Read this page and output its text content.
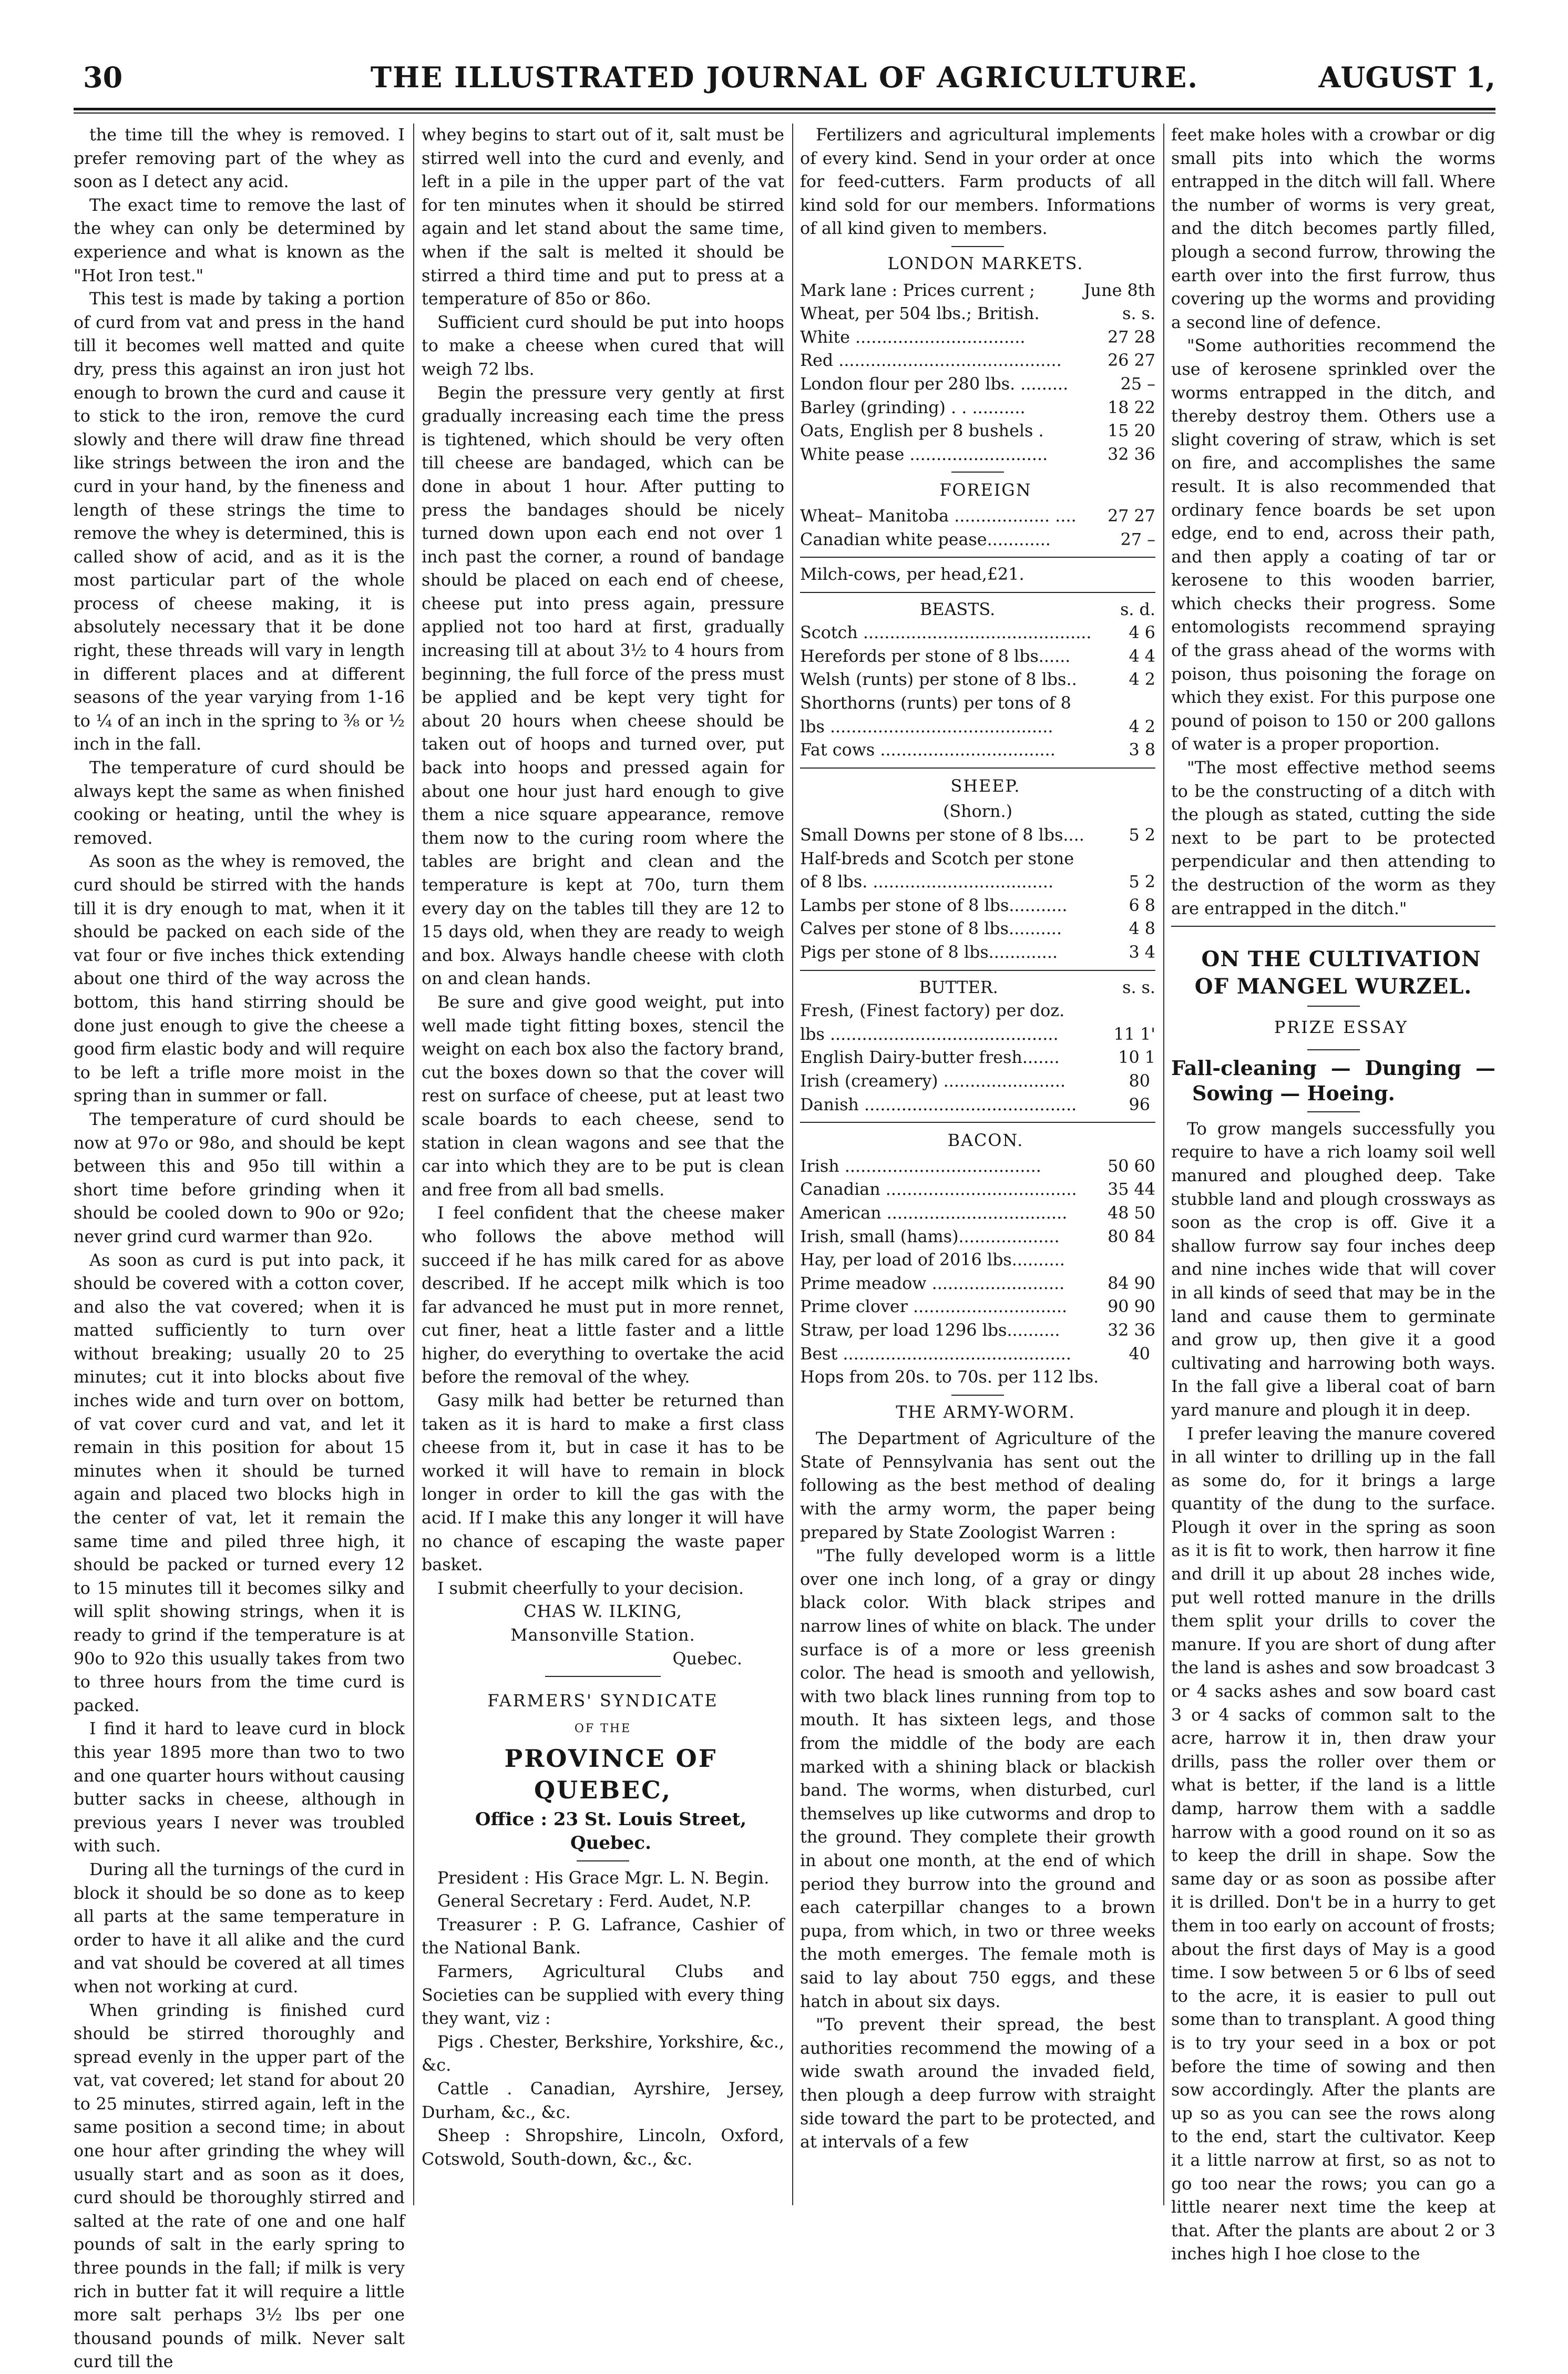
30	THE ILLUSTRATED JOURNAL OF AGRICULTURE.	AUGUST 1,

the time till the whey is removed. I prefer removing part of the whey as soon as I detect any acid.

The exact time to remove the last of the whey can only be determined by experience and what is known as the "Hot Iron test."

This test is made by taking a portion of curd from vat and press in the hand till it becomes well matted and quite dry, press this against an iron just hot enough to brown the curd and cause it to stick to the iron, remove the curd slowly and there will draw fine thread like strings between the iron and the curd in your hand, by the fineness and length of these strings the time to remove the whey is determined, this is called show of acid, and as it is the most particular part of the whole process of cheese making, it is absolutely necessary that it be done right, these threads will vary in length in different places and at different seasons of the year varying from 1-16 to ¼ of an inch in the spring to ⅜ or ½ inch in the fall.

The temperature of curd should be always kept the same as when finished cooking or heating, until the whey is removed.

As soon as the whey is removed, the curd should be stirred with the hands till it is dry enough to mat, when it it should be packed on each side of the vat four or five inches thick extending about one third of the way across the bottom, this hand stirring should be done just enough to give the cheese a good firm elastic body and will require to be left a trifle more moist in the spring than in summer or fall.

The temperature of curd should be now at 97o or 98o, and should be kept between this and 95o till within a short time before grinding when it should be cooled down to 90o or 92o; never grind curd warmer than 92o.

As soon as curd is put into pack, it should be covered with a cotton cover, and also the vat covered; when it is matted sufficiently to turn over without breaking; usually 20 to 25 minutes; cut it into blocks about five inches wide and turn over on bottom, of vat cover curd and vat, and let it remain in this position for about 15 minutes when it should be turned again and placed two blocks high in the center of vat, let it remain the same time and piled three high, it should be packed or turned every 12 to 15 minutes till it becomes silky and will split showing strings, when it is ready to grind if the temperature is at 90o to 92o this usually takes from two to three hours from the time curd is packed.

I find it hard to leave curd in block this year 1895 more than two to two and one quarter hours without causing butter sacks in cheese, although in previous years I never was troubled with such.

During all the turnings of the curd in block it should be so done as to keep all parts at the same temperature in order to have it all alike and the curd and vat should be covered at all times when not working at curd.

When grinding is finished curd should be stirred thoroughly and spread evenly in the upper part of the vat, vat covered; let stand for about 20 to 25 minutes, stirred again, left in the same position a second time; in about one hour after grinding the whey will usually start and as soon as it does, curd should be thoroughly stirred and salted at the rate of one and one half pounds of salt in the early spring to three pounds in the fall; if milk is very rich in butter fat it will require a little more salt perhaps 3½ lbs per one thousand pounds of milk. Never salt curd till the

whey begins to start out of it, salt must be stirred well into the curd and evenly, and left in a pile in the upper part of the vat for ten minutes when it should be stirred again and let stand about the same time, when if the salt is melted it should be stirred a third time and put to press at a temperature of 85o or 86o.

Sufficient curd should be put into hoops to make a cheese when cured that will weigh 72 lbs.

Begin the pressure very gently at first gradually increasing each time the press is tightened, which should be very often till cheese are bandaged, which can be done in about 1 hour. After putting to press the bandages should be nicely turned down upon each end not over 1 inch past the corner, a round of bandage should be placed on each end of cheese, cheese put into press again, pressure applied not too hard at first, gradually increasing till at about 3½ to 4 hours from beginning, the full force of the press must be applied and be kept very tight for about 20 hours when cheese should be taken out of hoops and turned over, put back into hoops and pressed again for about one hour just hard enough to give them a nice square appearance, remove them now to the curing room where the tables are bright and clean and the temperature is kept at 70o, turn them every day on the tables till they are 12 to 15 days old, when they are ready to weigh and box. Always handle cheese with cloth on and clean hands.

Be sure and give good weight, put into well made tight fitting boxes, stencil the weight on each box also the factory brand, cut the boxes down so that the cover will rest on surface of cheese, put at least two scale boards to each cheese, send to station in clean wagons and see that the car into which they are to be put is clean and free from all bad smells.

I feel confident that the cheese maker who follows the above method will succeed if he has milk cared for as above described. If he accept milk which is too far advanced he must put in more rennet, cut finer, heat a little faster and a little higher, do everything to overtake the acid before the removal of the whey.

Gasy milk had better be returned than taken as it is hard to make a first class cheese from it, but in case it has to be worked it will have to remain in block longer in order to kill the gas with the acid. If I make this any longer it will have no chance of escaping the waste paper basket.

I submit cheerfully to your decision.

CHAS W. ILKING,

Mansonville Station.

Quebec.

FARMERS' SYNDICATE

OF THE

PROVINCE OF QUEBEC,

Office : 23 St. Louis Street,

Quebec.

President : His Grace Mgr. L. N. Begin.

General Secretary : Ferd. Audet, N.P.

Treasurer : P. G. Lafrance, Cashier of the National Bank.

Farmers, Agricultural Clubs and Societies can be supplied with every thing they want, viz :

Pigs . Chester, Berkshire, Yorkshire, &c., &c.

Cattle . Canadian, Ayrshire, Jersey, Durham, &c., &c.

Sheep : Shropshire, Lincoln, Oxford, Cotswold, South-down, &c., &c.

Fertilizers and agricultural implements of every kind. Send in your order at once for feed-cutters. Farm products of all kind sold for our members. Informations of all kind given to members.

LONDON MARKETS.

Mark lane : Prices current ;	June 8th
Wheat, per 504 lbs.; British.	s. s.
White ................................	27 28
Red ..........................................	26 27
London flour per 280 lbs. .........	25 –
Barley (grinding) . . ..........	18 22
Oats, English per 8 bushels .	15 20
White pease ..........................	32 36

FOREIGN

Wheat– Manitoba .................. ....	27 27
Canadian white pease............	27 –
Milch-cows, per head,£21.
BEASTS.	s. d.
Scotch ...........................................	4 6
Herefords per stone of 8 lbs......	4 4
Welsh (runts) per stone of 8 lbs..	4 2
Shorthorns (runts) per tons of 8
lbs ..........................................	4 2
Fat cows .................................	3 8

SHEEP.

(Shorn.)

Small Downs per stone of 8 lbs....	5 2
Half-breds and Scotch per stone
of 8 lbs. ..................................	5 2
Lambs per stone of 8 lbs...........	6 8
Calves per stone of 8 lbs..........	4 8
Pigs per stone of 8 lbs.............	3 4
BUTTER.	s. s.
Fresh, (Finest factory) per doz.
lbs ...........................................	11 1'
English Dairy-butter fresh.......	10 1
Irish (creamery) .......................	80
Danish ........................................	96

BACON.

Irish .....................................	50 60
Canadian ....................................	35 44
American ..................................	48 50
Irish, small (hams)...................	80 84
Hay, per load of 2016 lbs..........
Prime meadow .........................	84 90
Prime clover .............................	90 90
Straw, per load 1296 lbs..........	32 36
Best ...........................................	40
Hops from 20s. to 70s. per 112 lbs.

THE ARMY-WORM.

The Department of Agriculture of the State of Pennsylvania has sent out the following as the best method of dealing with the army worm, the paper being prepared by State Zoologist Warren :

"The fully developed worm is a little over one inch long, of a gray or dingy black color. With black stripes and narrow lines of white on black. The under surface is of a more or less greenish color. The head is smooth and yellowish, with two black lines running from top to mouth. It has sixteen legs, and those from the middle of the body are each marked with a shining black or blackish band. The worms, when disturbed, curl themselves up like cutworms and drop to the ground. They complete their growth in about one month, at the end of which period they burrow into the ground and each caterpillar changes to a brown pupa, from which, in two or three weeks the moth emerges. The female moth is said to lay about 750 eggs, and these hatch in about six days.

"To prevent their spread, the best authorities recommend the mowing of a wide swath around the invaded field, then plough a deep furrow with straight side toward the part to be protected, and at intervals of a few

feet make holes with a crowbar or dig small pits into which the worms entrapped in the ditch will fall. Where the number of worms is very great, and the ditch becomes partly filled, plough a second furrow, throwing the earth over into the first furrow, thus covering up the worms and providing a second line of defence.

"Some authorities recommend the use of kerosene sprinkled over the worms entrapped in the ditch, and thereby destroy them. Others use a slight covering of straw, which is set on fire, and accomplishes the same result. It is also recommended that ordinary fence boards be set upon edge, end to end, across their path, and then apply a coating of tar or kerosene to this wooden barrier, which checks their progress. Some entomologists recommend spraying of the grass ahead of the worms with poison, thus poisoning the forage on which they exist. For this purpose one pound of poison to 150 or 200 gallons of water is a proper proportion.

"The most effective method seems to be the constructing of a ditch with the plough as stated, cutting the side next to be part to be protected perpendicular and then attending to the destruction of the worm as they are entrapped in the ditch."

ON THE CULTIVATION OF MANGEL WURZEL.

PRIZE ESSAY

Fall-cleaning — Dunging — Sowing — Hoeing.

To grow mangels successfully you require to have a rich loamy soil well manured and ploughed deep. Take stubble land and plough crossways as soon as the crop is off. Give it a shallow furrow say four inches deep and nine inches wide that will cover in all kinds of seed that may be in the land and cause them to germinate and grow up, then give it a good cultivating and harrowing both ways. In the fall give a liberal coat of barn yard manure and plough it in deep.

I prefer leaving the manure covered in all winter to drilling up in the fall as some do, for it brings a large quantity of the dung to the surface. Plough it over in the spring as soon as it is fit to work, then harrow it fine and drill it up about 28 inches wide, put well rotted manure in the drills them split your drills to cover the manure. If you are short of dung after the land is ashes and sow broadcast 3 or 4 sacks ashes and sow board cast 3 or 4 sacks of common salt to the acre, harrow it in, then draw your drills, pass the roller over them or what is better, if the land is a little damp, harrow them with a saddle harrow with a good round on it so as to keep the drill in shape. Sow the same day or as soon as possibe after it is drilled. Don't be in a hurry to get them in too early on account of frosts; about the first days of May is a good time. I sow between 5 or 6 lbs of seed to the acre, it is easier to pull out some than to transplant. A good thing is to try your seed in a box or pot before the time of sowing and then sow accordingly. After the plants are up so as you can see the rows along to the end, start the cultivator. Keep it a little narrow at first, so as not to go too near the rows; you can go a little nearer next time the keep at that. After the plants are about 2 or 3 inches high I hoe close to the
